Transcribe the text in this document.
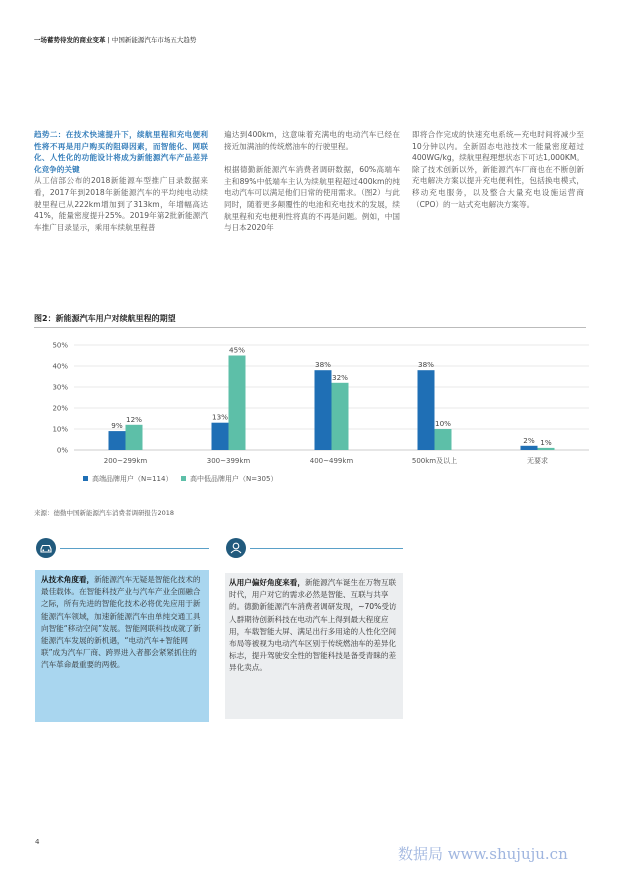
一场蓄势待发的商业变革 | 中国新能源汽车市场五大趋势
趋势二：在技术快速提升下，续航里程和充电便利性将不再是用户购买的阻碍因素，而智能化、网联化、人性化的功能设计将成为新能源汽车产品差异化竞争的关键
从工信部公布的2018新能源车型推广目录数据来看，2017年到2018年新能源汽车的平均纯电动续驶里程已从222km增加到了313km，年增幅高达41%，能量密度提升25%。2019年第2批新能源汽车推广目录显示，乘用车续航里程普
遍达到400km，这意味着充满电的电动汽车已经在接近加满油的传统燃油车的行驶里程。
根据德勤新能源汽车消费者调研数据，60%高端车主和89%中低端车主认为续航里程超过400km的纯电动汽车可以满足他们日常的使用需求。（图2）与此同时，随着更多颠覆性的电池和充电技术的发展，续航里程和充电便利性将真的不再是问题。例如，中国与日本2020年
即将合作完成的快速充电系统—充电时间将减少至10分钟以内。全新固态电池技术一能量密度超过400WG/kg，续航里程理想状态下可达1,000KM。除了技术创新以外，新能源汽车厂商也在不断创新充电解决方案以提升充电便利性，包括换电模式，移动充电服务，以及整合大量充电设施运营商（CPO）的一站式充电解决方案等。
图2：新能源汽车用户对续航里程的期望
0%
10%
20%
30%
40%
50%
9%
12%	13%
45%
38%
32%
38%
10%
2% 1%
200~299km	300~399km	400~499km	500km及以上	无要求
高端品牌用户（N=114）	高中低品牌用户（N=305）
来源：德勤中国新能源汽车消费者调研报告2018
从技术角度看，新能源汽车无疑是智能化技术的最佳载体。在智能科技产业与汽车产业全面融合之际，所有先进的智能化技术必将优先应用于新能源汽车领域，加速新能源汽车由单纯交通工具向智能“移动空间”发展。智能网联科技成就了新能源汽车发展的新机遇，“电动汽车+智能网联”成为汽车厂商、跨界进入者都会紧紧抓住的汽车革命最重要的两极。
从用户偏好角度来看，新能源汽车诞生在万物互联时代，用户对它的需求必然是智能、互联与共享的。德勤新能源汽车消费者调研发现，~70%受访人群期待创新科技在电动汽车上得到最大程度应用，车载智能大屏、满足出行多用途的人性化空间布局等被视为电动汽车区别于传统燃油车的差异化标志，提升驾驶安全性的智能科技是备受青睐的差异化卖点。
4
数据局 www.shujuju.cn
